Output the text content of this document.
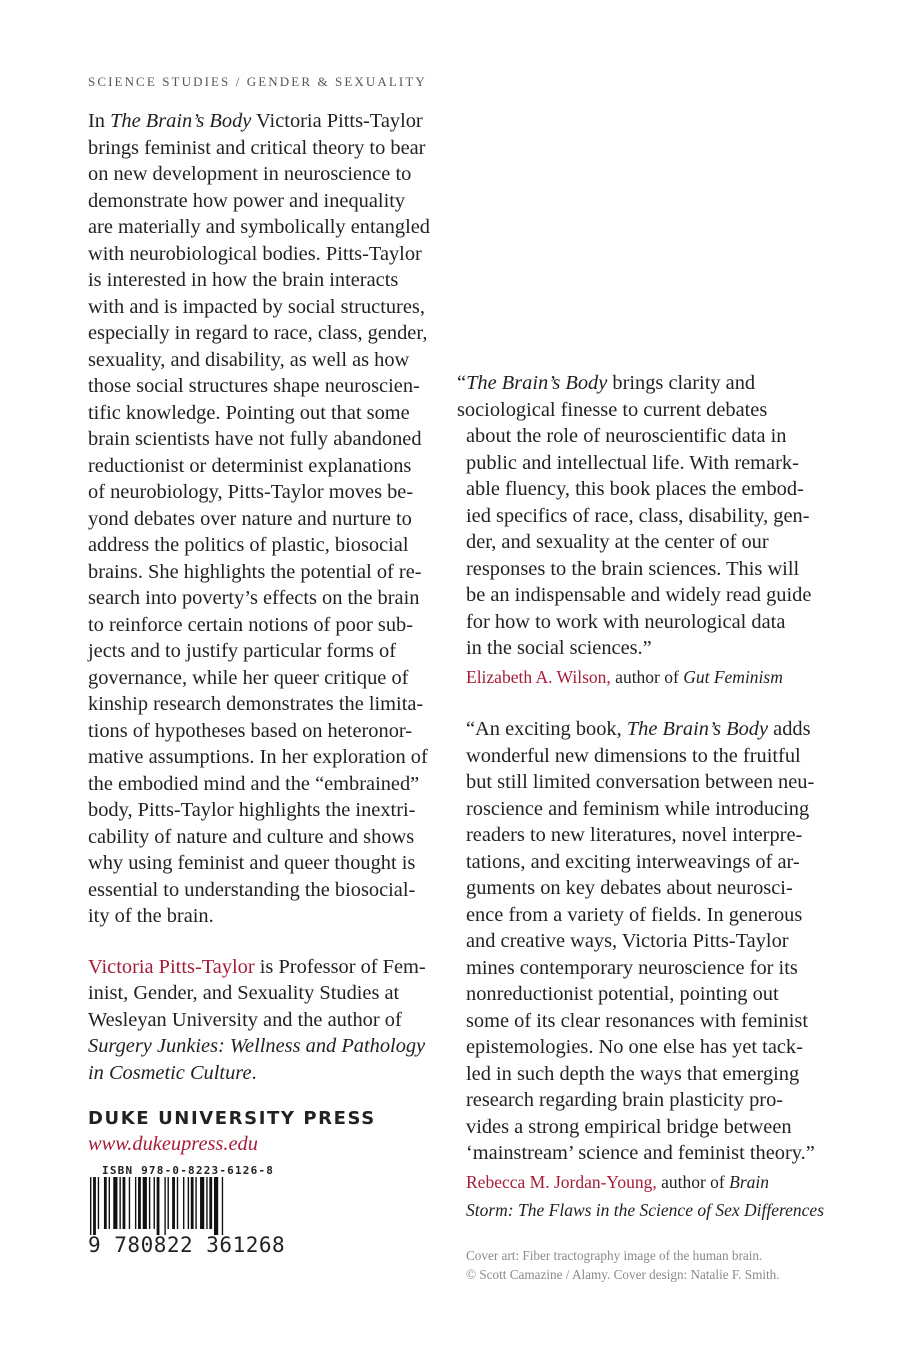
SCIENCE STUDIES / GENDER & SEXUALITY

In The Brain’s Body Victoria Pitts-Taylor
brings feminist and critical theory to bear
on new development in neuroscience to
demonstrate how power and inequality
are materially and symbolically entangled
with neurobiological bodies. Pitts-Taylor
is interested in how the brain interacts
with and is impacted by social structures,
especially in regard to race, class, gender,
sexuality, and disability, as well as how
those social structures shape neuroscien-
tific knowledge. Pointing out that some
brain scientists have not fully abandoned
reductionist or determinist explanations
of neurobiology, Pitts-Taylor moves be-
yond debates over nature and nurture to
address the politics of plastic, biosocial
brains. She highlights the potential of re-
search into poverty’s effects on the brain
to reinforce certain notions of poor sub-
jects and to justify particular forms of
governance, while her queer critique of
kinship research demonstrates the limita-
tions of hypotheses based on heteronor-
mative assumptions. In her exploration of
the embodied mind and the “embrained”
body, Pitts-Taylor highlights the inextri-
cability of nature and culture and shows
why using feminist and queer thought is
essential to understanding the biosocial-
ity of the brain.

Victoria Pitts-Taylor is Professor of Fem-
inist, Gender, and Sexuality Studies at
Wesleyan University and the author of
Surgery Junkies: Wellness and Pathology
in Cosmetic Culture.

DUKE UNIVERSITY PRESS
www.dukeupress.edu
ISBN 978-0-8223-6126-8
9 780822 361268

“The Brain’s Body brings clarity and
sociological finesse to current debates
about the role of neuroscientific data in
public and intellectual life. With remark-
able fluency, this book places the embod-
ied specifics of race, class, disability, gen-
der, and sexuality at the center of our
responses to the brain sciences. This will
be an indispensable and widely read guide
for how to work with neurological data
in the social sciences.”
Elizabeth A. Wilson, author of Gut Feminism

“An exciting book, The Brain’s Body adds
wonderful new dimensions to the fruitful
but still limited conversation between neu-
roscience and feminism while introducing
readers to new literatures, novel interpre-
tations, and exciting interweavings of ar-
guments on key debates about neurosci-
ence from a variety of fields. In generous
and creative ways, Victoria Pitts-Taylor
mines contemporary neuroscience for its
nonreductionist potential, pointing out
some of its clear resonances with feminist
epistemologies. No one else has yet tack-
led in such depth the ways that emerging
research regarding brain plasticity pro-
vides a strong empirical bridge between
‘mainstream’ science and feminist theory.”
Rebecca M. Jordan-Young, author of Brain
Storm: The Flaws in the Science of Sex Differences

Cover art: Fiber tractography image of the human brain.
© Scott Camazine / Alamy. Cover design: Natalie F. Smith.
